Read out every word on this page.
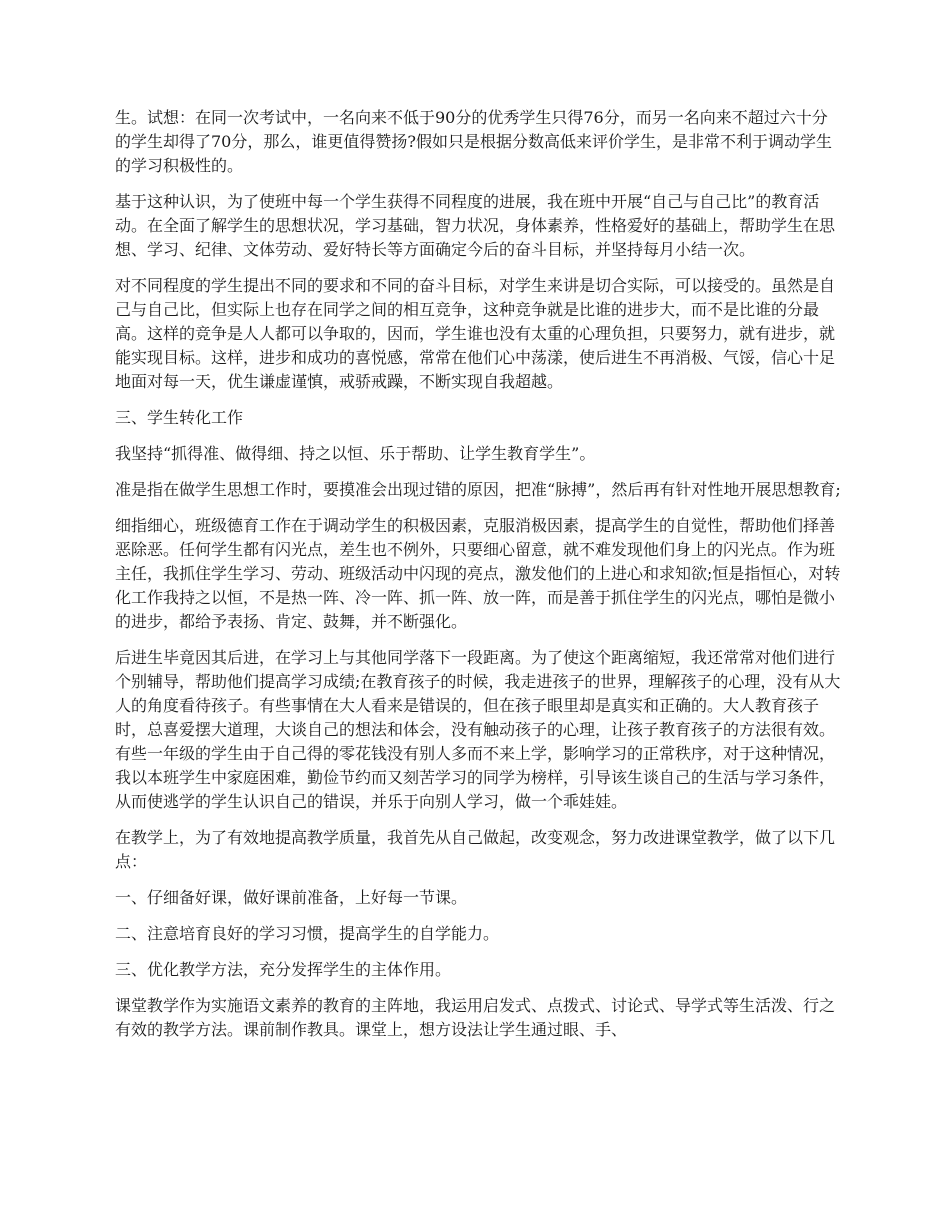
生。试想：在同一次考试中，一名向来不低于90分的优秀学生只得76分，而另一名向来不超过六十分的学生却得了70分，那么，谁更值得赞扬?假如只是根据分数高低来评价学生，是非常不利于调动学生的学习积极性的。

基于这种认识，为了使班中每一个学生获得不同程度的进展，我在班中开展“自己与自己比”的教育活动。在全面了解学生的思想状况，学习基础，智力状况，身体素养，性格爱好的基础上，帮助学生在思想、学习、纪律、文体劳动、爱好特长等方面确定今后的奋斗目标，并坚持每月小结一次。

对不同程度的学生提出不同的要求和不同的奋斗目标，对学生来讲是切合实际，可以接受的。虽然是自己与自己比，但实际上也存在同学之间的相互竞争，这种竞争就是比谁的进步大，而不是比谁的分最高。这样的竞争是人人都可以争取的，因而，学生谁也没有太重的心理负担，只要努力，就有进步，就能实现目标。这样，进步和成功的喜悦感，常常在他们心中荡漾，使后进生不再消极、气馁，信心十足地面对每一天，优生谦虚谨慎，戒骄戒躁，不断实现自我超越。

三、学生转化工作

我坚持“抓得准、做得细、持之以恒、乐于帮助、让学生教育学生”。

准是指在做学生思想工作时，要摸准会出现过错的原因，把准“脉搏”，然后再有针对性地开展思想教育;

细指细心，班级德育工作在于调动学生的积极因素，克服消极因素，提高学生的自觉性，帮助他们择善恶除恶。任何学生都有闪光点，差生也不例外，只要细心留意，就不难发现他们身上的闪光点。作为班主任，我抓住学生学习、劳动、班级活动中闪现的亮点，激发他们的上进心和求知欲;恒是指恒心，对转化工作我持之以恒，不是热一阵、冷一阵、抓一阵、放一阵，而是善于抓住学生的闪光点，哪怕是微小的进步，都给予表扬、肯定、鼓舞，并不断强化。

后进生毕竟因其后进，在学习上与其他同学落下一段距离。为了使这个距离缩短，我还常常对他们进行个别辅导，帮助他们提高学习成绩;在教育孩子的时候，我走进孩子的世界，理解孩子的心理，没有从大人的角度看待孩子。有些事情在大人看来是错误的，但在孩子眼里却是真实和正确的。大人教育孩子时，总喜爱摆大道理，大谈自己的想法和体会，没有触动孩子的心理，让孩子教育孩子的方法很有效。有些一年级的学生由于自己得的零花钱没有别人多而不来上学，影响学习的正常秩序，对于这种情况，我以本班学生中家庭困难，勤俭节约而又刻苦学习的同学为榜样，引导该生谈自己的生活与学习条件，从而使逃学的学生认识自己的错误，并乐于向别人学习，做一个乖娃娃。

在教学上，为了有效地提高教学质量，我首先从自己做起，改变观念，努力改进课堂教学，做了以下几点：

一、仔细备好课，做好课前准备，上好每一节课。

二、注意培育良好的学习习惯，提高学生的自学能力。

三、优化教学方法，充分发挥学生的主体作用。

课堂教学作为实施语文素养的教育的主阵地，我运用启发式、点拨式、讨论式、导学式等生活泼、行之有效的教学方法。课前制作教具。课堂上，想方设法让学生通过眼、手、
